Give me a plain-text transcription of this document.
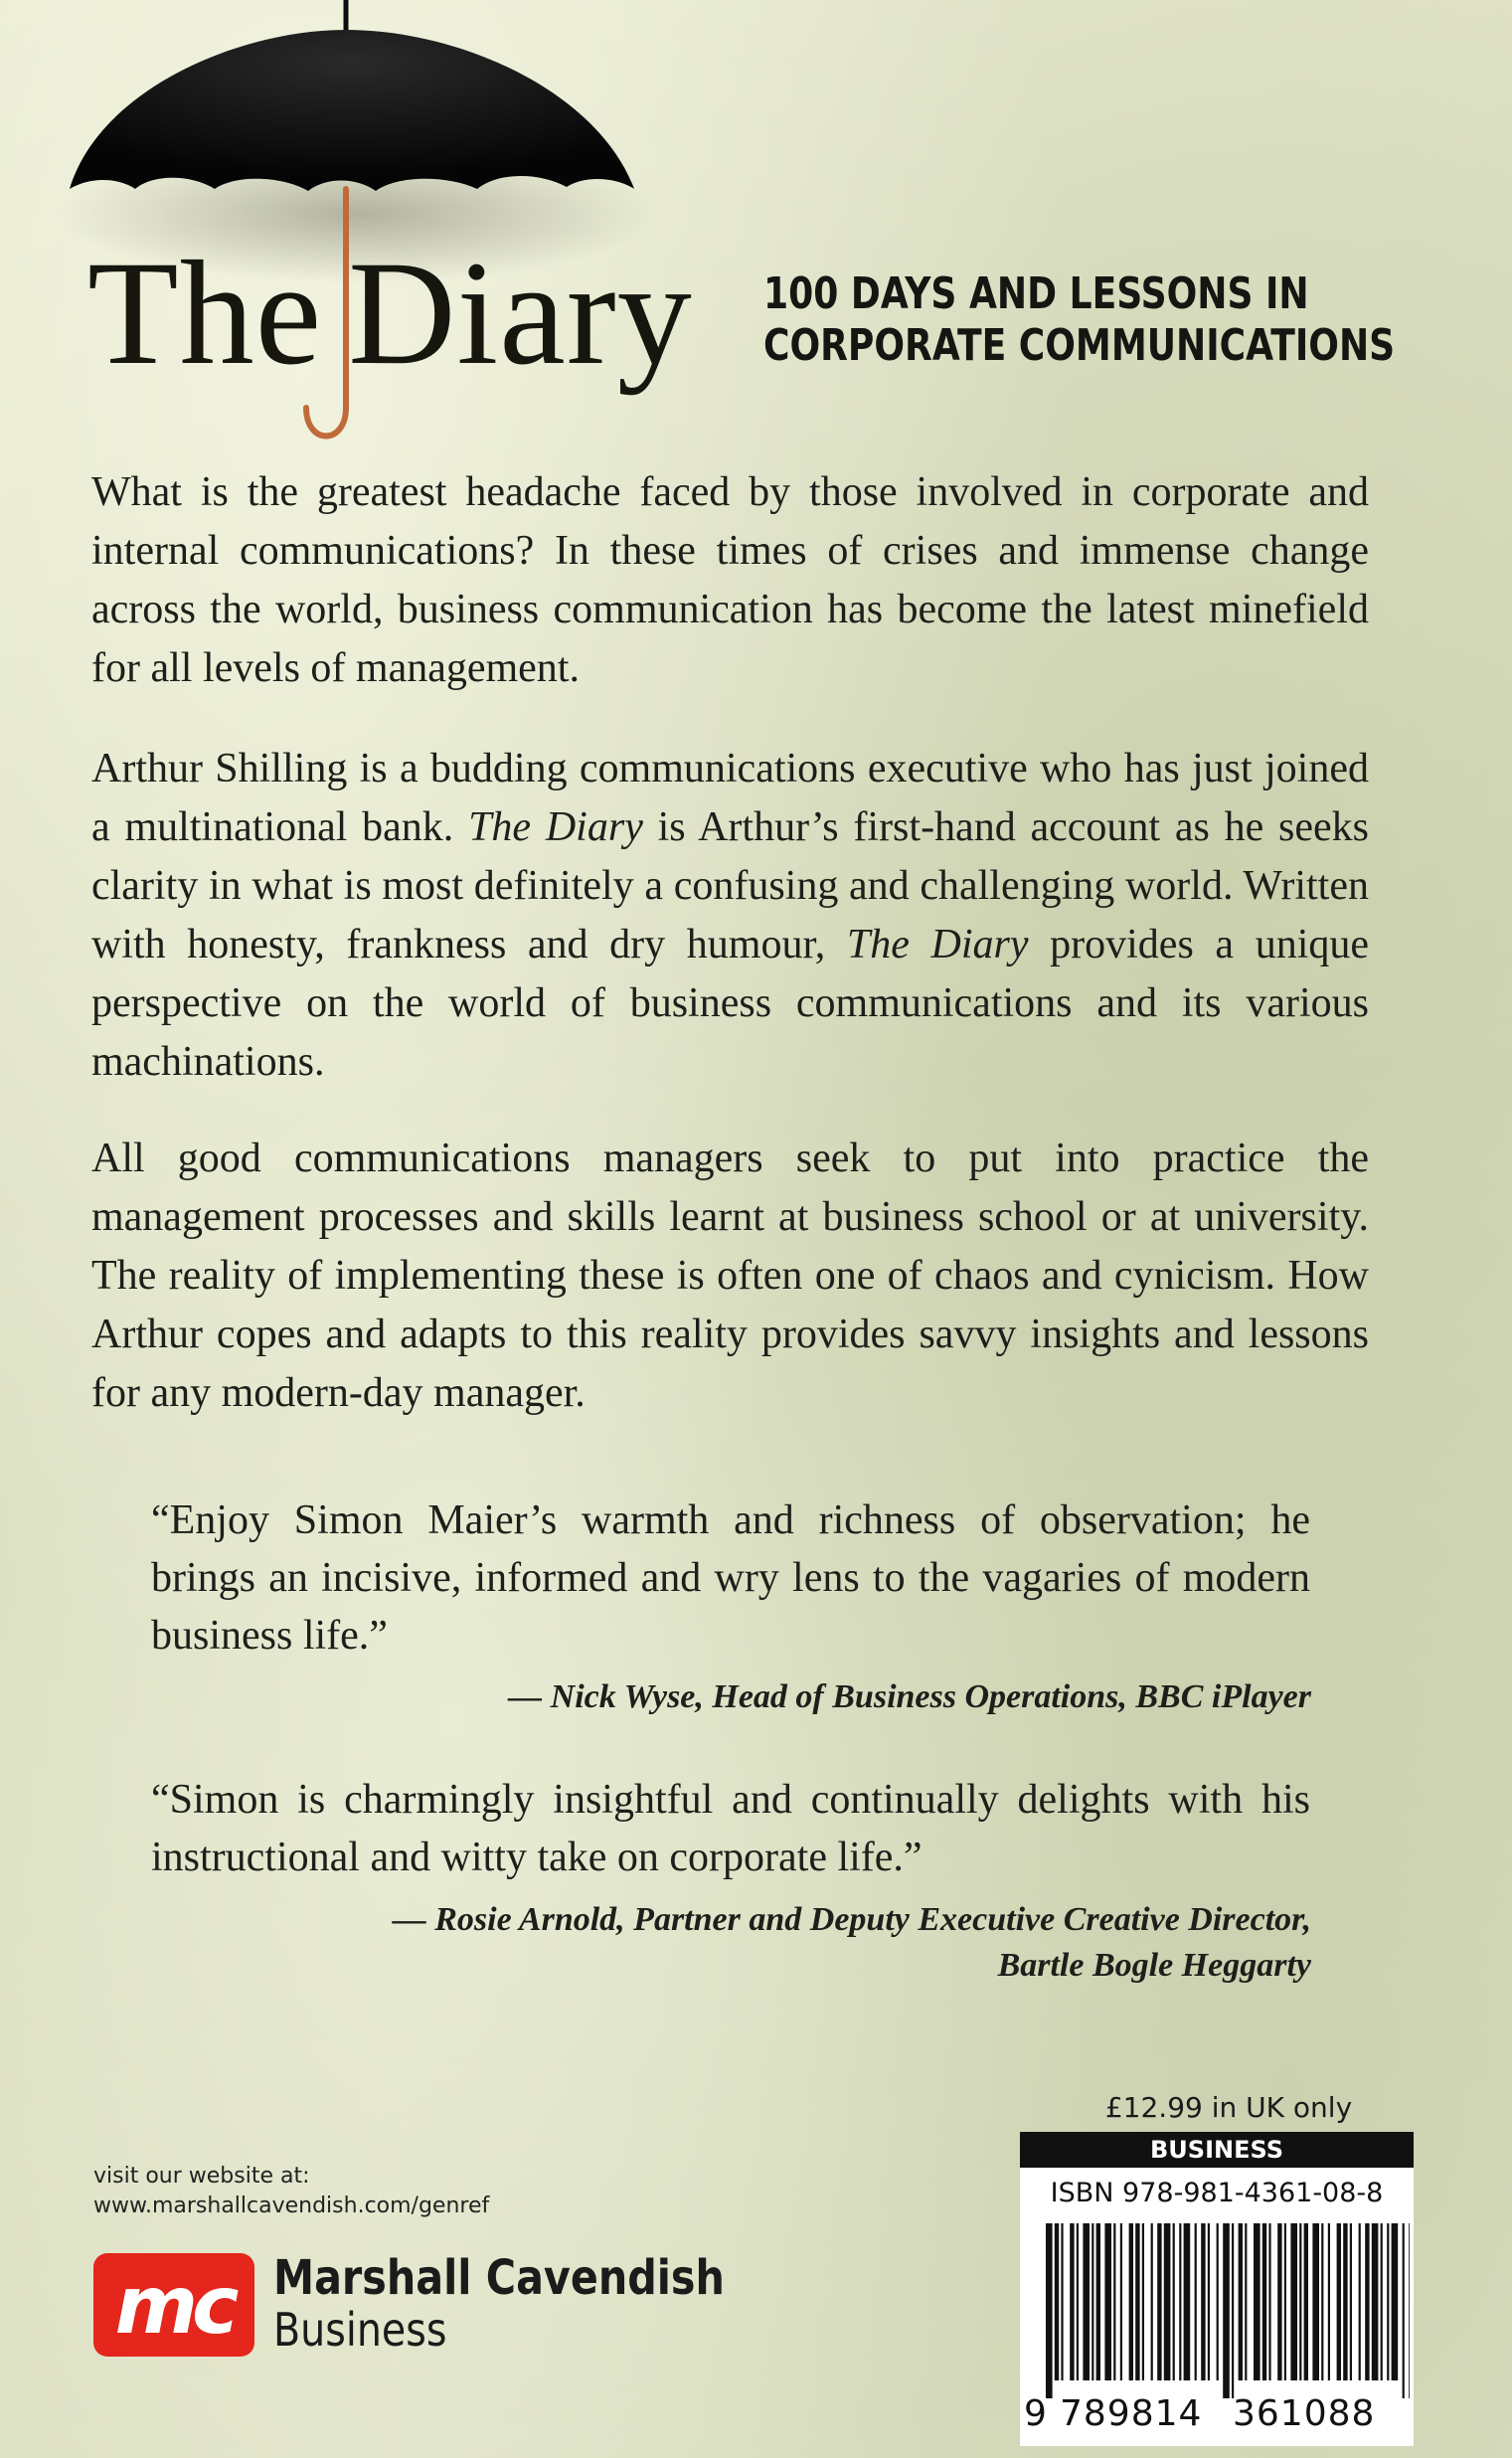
The Diary 100 DAYS AND LESSONS IN
CORPORATE COMMUNICATIONS
What is the greatest headache faced by those involved in corporate and internal communications? In these times of crises and immense change across the world, business communication has become the latest minefield for all levels of management.
Arthur Shilling is a budding communications executive who has just joined a multinational bank. The Diary is Arthur’s first-hand account as he seeks clarity in what is most definitely a confusing and challenging world. Written with honesty, frankness and dry humour, The Diary provides a unique perspective on the world of business communications and its various machinations.
All good communications managers seek to put into practice the management processes and skills learnt at business school or at university. The reality of implementing these is often one of chaos and cynicism. How Arthur copes and adapts to this reality provides savvy insights and lessons for any modern-day manager.
“Enjoy Simon Maier’s warmth and richness of observation; he brings an incisive, informed and wry lens to the vagaries of modern business life.”
— Nick Wyse, Head of Business Operations, BBC iPlayer
“Simon is charmingly insightful and continually delights with his instructional and witty take on corporate life.”
— Rosie Arnold, Partner and Deputy Executive Creative Director,
Bartle Bogle Heggarty
visit our website at:
www.marshallcavendish.com/genref
mc Marshall Cavendish
Business
£12.99 in UK only
BUSINESS
ISBN 978-981-4361-08-8
9 789814 361088
